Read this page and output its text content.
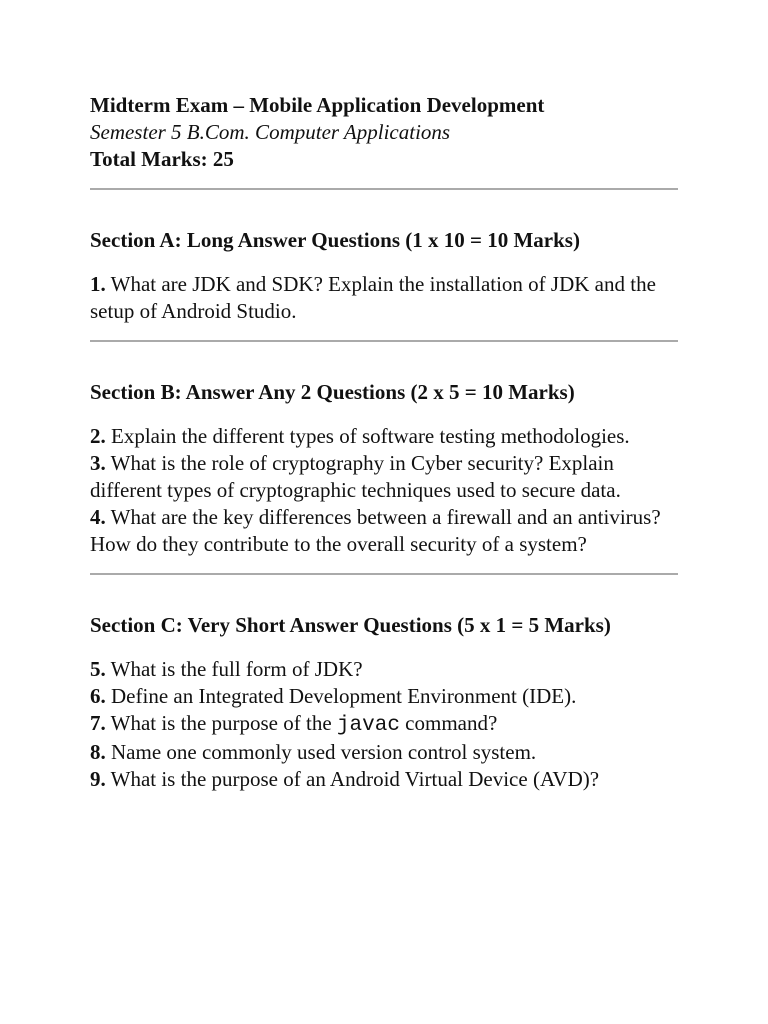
Midterm Exam – Mobile Application Development
Semester 5 B.Com. Computer Applications
Total Marks: 25
Section A: Long Answer Questions (1 x 10 = 10 Marks)
1. What are JDK and SDK? Explain the installation of JDK and the setup of Android Studio.
Section B: Answer Any 2 Questions (2 x 5 = 10 Marks)
2. Explain the different types of software testing methodologies.
3. What is the role of cryptography in Cyber security? Explain different types of cryptographic techniques used to secure data.
4. What are the key differences between a firewall and an antivirus? How do they contribute to the overall security of a system?
Section C: Very Short Answer Questions (5 x 1 = 5 Marks)
5. What is the full form of JDK?
6. Define an Integrated Development Environment (IDE).
7. What is the purpose of the javac command?
8. Name one commonly used version control system.
9. What is the purpose of an Android Virtual Device (AVD)?
